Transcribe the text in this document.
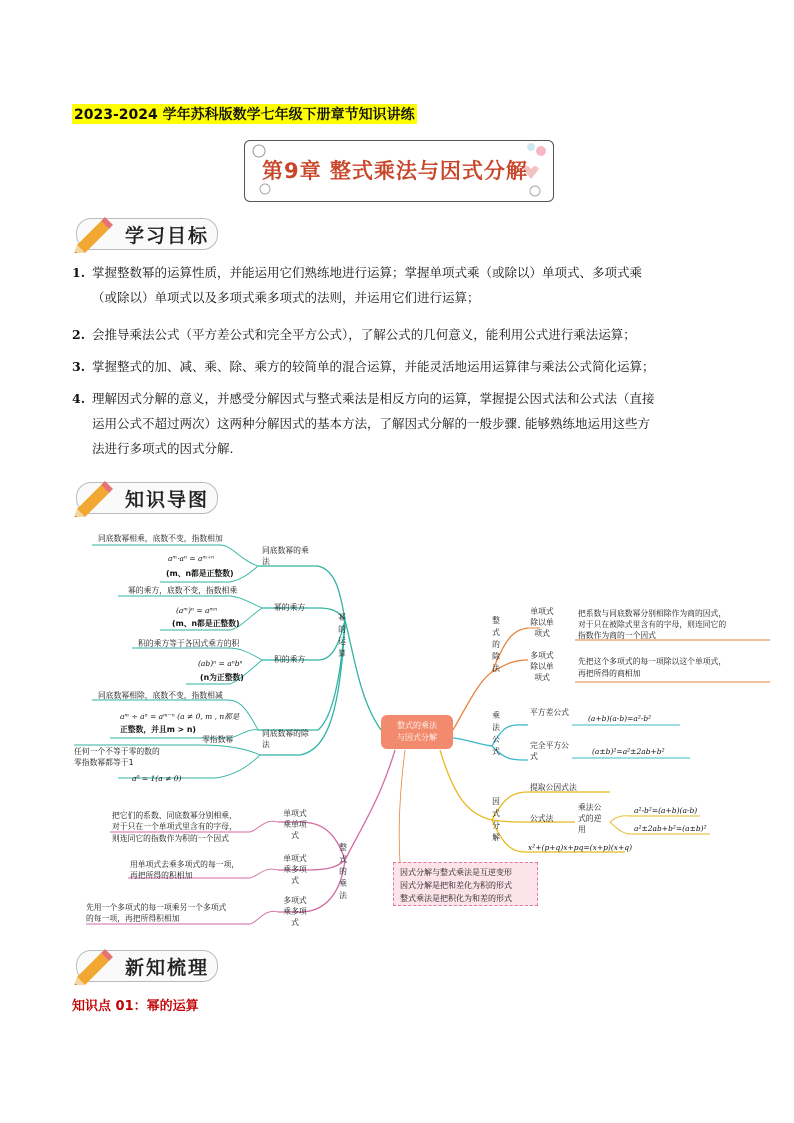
2023-2024 学年苏科版数学七年级下册章节知识讲练
第9章 整式乘法与因式分解
学习目标
1. 掌握整数幂的运算性质，并能运用它们熟练地进行运算；掌握单项式乘（或除以）单项式、多项式乘
（或除以）单项式以及多项式乘多项式的法则，并运用它们进行运算；
2. 会推导乘法公式（平方差公式和完全平方公式），了解公式的几何意义，能利用公式进行乘法运算；
3. 掌握整式的加、减、乘、除、乘方的较简单的混合运算，并能灵活地运用运算律与乘法公式简化运算；
4. 理解因式分解的意义，并感受分解因式与整式乘法是相反方向的运算，掌握提公因式法和公式法（直接
运用公式不超过两次）这两种分解因式的基本方法，了解因式分解的一般步骤. 能够熟练地运用这些方
法进行多项式的因式分解.
知识导图
整式的乘法
与因式分解
幂的运算
同底数幂的乘法
同底数幂相乘，底数不变，指数相加
aᵐ·aⁿ = aᵐ⁺ⁿ
(m、n都是正整数)
幂的乘方
幂的乘方，底数不变，指数相乘
(aᵐ)ⁿ = aᵐⁿ
(m、n都是正整数)
积的乘方
积的乘方等于各因式乘方的积
(ab)ⁿ = aⁿbⁿ
(n为正整数)
同底数幂的除法
同底数幂相除，底数不变，指数相减
aᵐ ÷ aⁿ = aᵐ⁻ⁿ (a ≠ 0, m , n都是
正整数，并且m > n)
零指数幂
任何一个不等于零的数的
零指数幂都等于1
a⁰ = 1(a ≠ 0)
整式的乘法
单项式乘单项式
把它们的系数、同底数幂分别相乘，
对于只在一个单项式里含有的字母，
则连同它的指数作为积的一个因式
单项式乘多项式
用单项式去乘多项式的每一项，
再把所得的积相加
多项式乘多项式
先用一个多项式的每一项乘另一个多项式
的每一项，再把所得积相加
整式的除法
单项式除以单项式
把系数与同底数幂分别相除作为商的因式，
对于只在被除式里含有的字母，则连同它的
指数作为商的一个因式
多项式除以单项式
先把这个多项式的每一项除以这个单项式，
再把所得的商相加
乘法公式
平方差公式
(a+b)(a-b)=a²-b²
完全平方公式
(a±b)²=a²±2ab+b²
因式分解
提取公因式法
公式法
乘法公式的逆用
a²-b²=(a+b)(a-b)
a²±2ab+b²=(a±b)²
x²+(p+q)x+pq=(x+p)(x+q)
因式分解与整式乘法是互逆变形
因式分解是把和差化为积的形式
整式乘法是把积化为和差的形式
新知梳理
知识点 01：幂的运算
